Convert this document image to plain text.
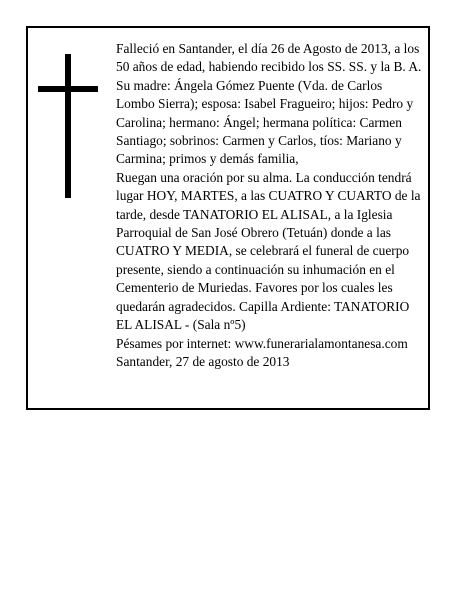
Falleció en Santander, el día 26 de Agosto de 2013, a los 50 años de edad, habiendo recibido los SS. SS. y la B. A.

Su madre: Ángela Gómez Puente (Vda. de Carlos Lombo Sierra); esposa: Isabel Fragueiro; hijos: Pedro y Carolina; hermano: Ángel; hermana política: Carmen Santiago; sobrinos: Carmen y Carlos, tíos: Mariano y Carmina; primos y demás familia,

Ruegan una oración por su alma. La conducción tendrá lugar HOY, MARTES, a las CUATRO Y CUARTO de la tarde, desde TANATORIO EL ALISAL, a la Iglesia Parroquial de San José Obrero (Tetuán) donde a las CUATRO Y MEDIA, se celebrará el funeral de cuerpo presente, siendo a continuación su inhumación en el Cementerio de Muriedas. Favores por los cuales les quedarán agradecidos. Capilla Ardiente: TANATORIO EL ALISAL - (Sala nº5)

Pésames por internet: www.funerarialamontanesa.com

Santander, 27 de agosto de 2013
